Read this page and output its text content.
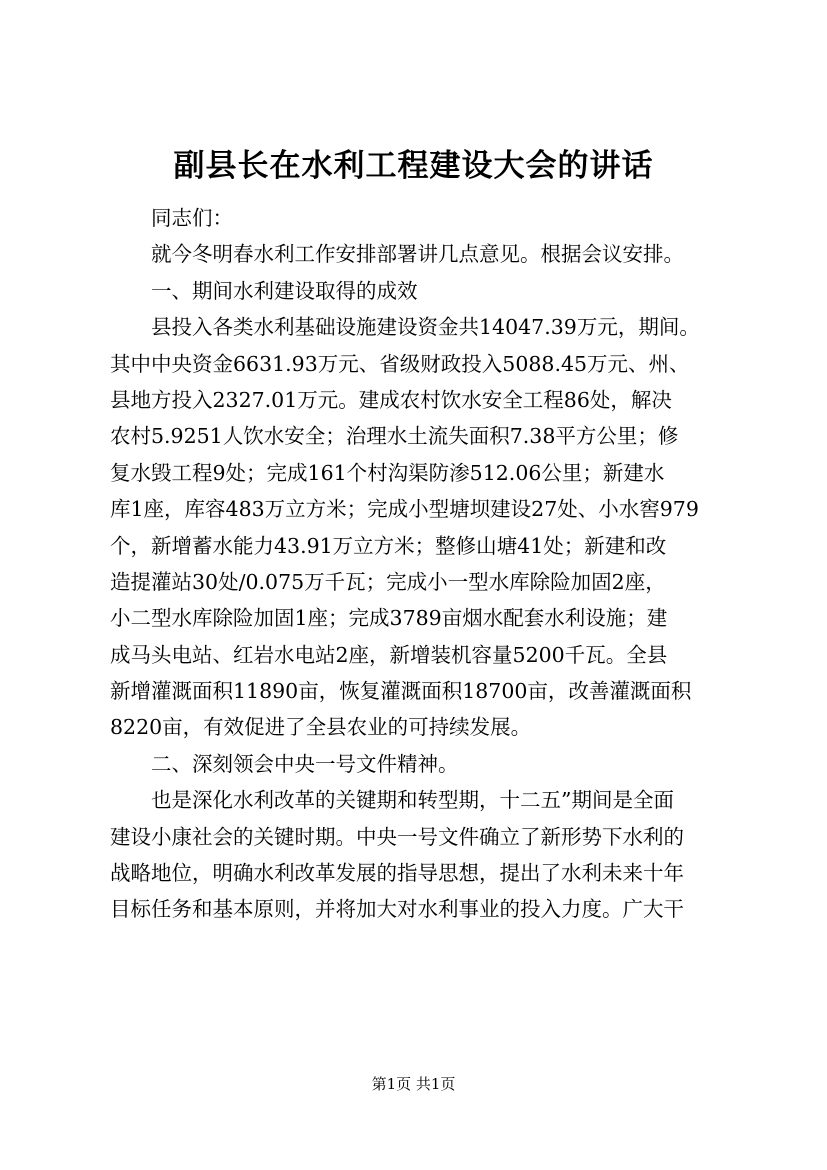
副县长在水利工程建设大会的讲话
同志们：
就今冬明春水利工作安排部署讲几点意见。根据会议安排。
一、期间水利建设取得的成效
县投入各类水利基础设施建设资金共14047.39万元，期间。
其中中央资金6631.93万元、省级财政投入5088.45万元、州、
县地方投入2327.01万元。建成农村饮水安全工程86处，解决
农村5.9251人饮水安全；治理水土流失面积7.38平方公里；修
复水毁工程9处；完成161个村沟渠防渗512.06公里；新建水
库1座，库容483万立方米；完成小型塘坝建设27处、小水窖979
个，新增蓄水能力43.91万立方米；整修山塘41处；新建和改
造提灌站30处/0.075万千瓦；完成小一型水库除险加固2座，
小二型水库除险加固1座；完成3789亩烟水配套水利设施；建
成马头电站、红岩水电站2座，新增装机容量5200千瓦。全县
新增灌溉面积11890亩，恢复灌溉面积18700亩，改善灌溉面积
8220亩，有效促进了全县农业的可持续发展。
二、深刻领会中央一号文件精神。
也是深化水利改革的关键期和转型期，十二五”期间是全面
建设小康社会的关键时期。中央一号文件确立了新形势下水利的
战略地位，明确水利改革发展的指导思想，提出了水利未来十年
目标任务和基本原则，并将加大对水利事业的投入力度。广大干
第1页 共1页
